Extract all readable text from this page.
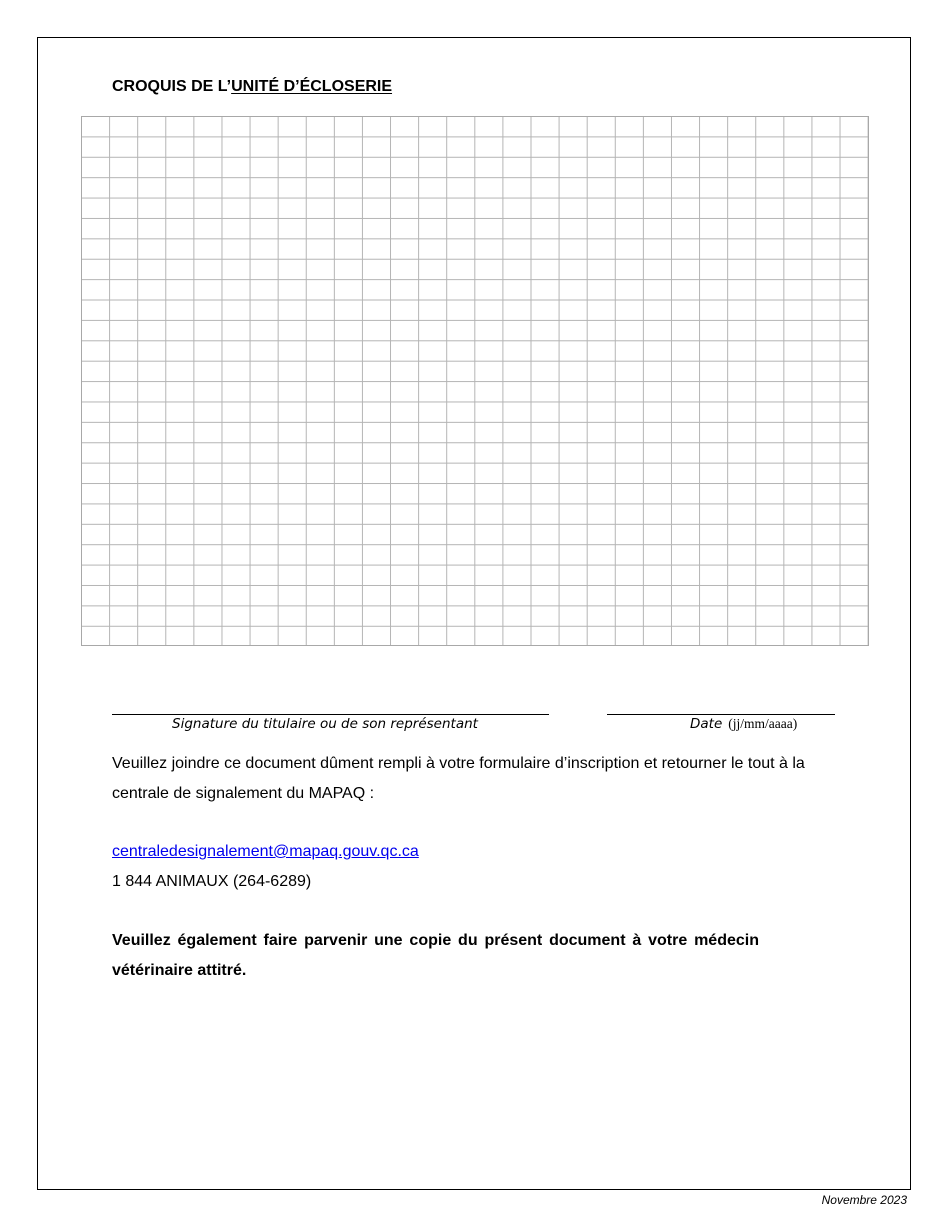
CROQUIS DE L’UNITÉ D’ÉCLOSERIE
Signature du titulaire ou de son représentant	Date (jj/mm/aaaa)
Veuillez joindre ce document dûment rempli à votre formulaire d’inscription et retourner le tout à la centrale de signalement du MAPAQ :
centraledesignalement@mapaq.gouv.qc.ca
1 844 ANIMAUX (264-6289)
Veuillez également faire parvenir une copie du présent document à votre médecin vétérinaire attitré.
Novembre 2023
